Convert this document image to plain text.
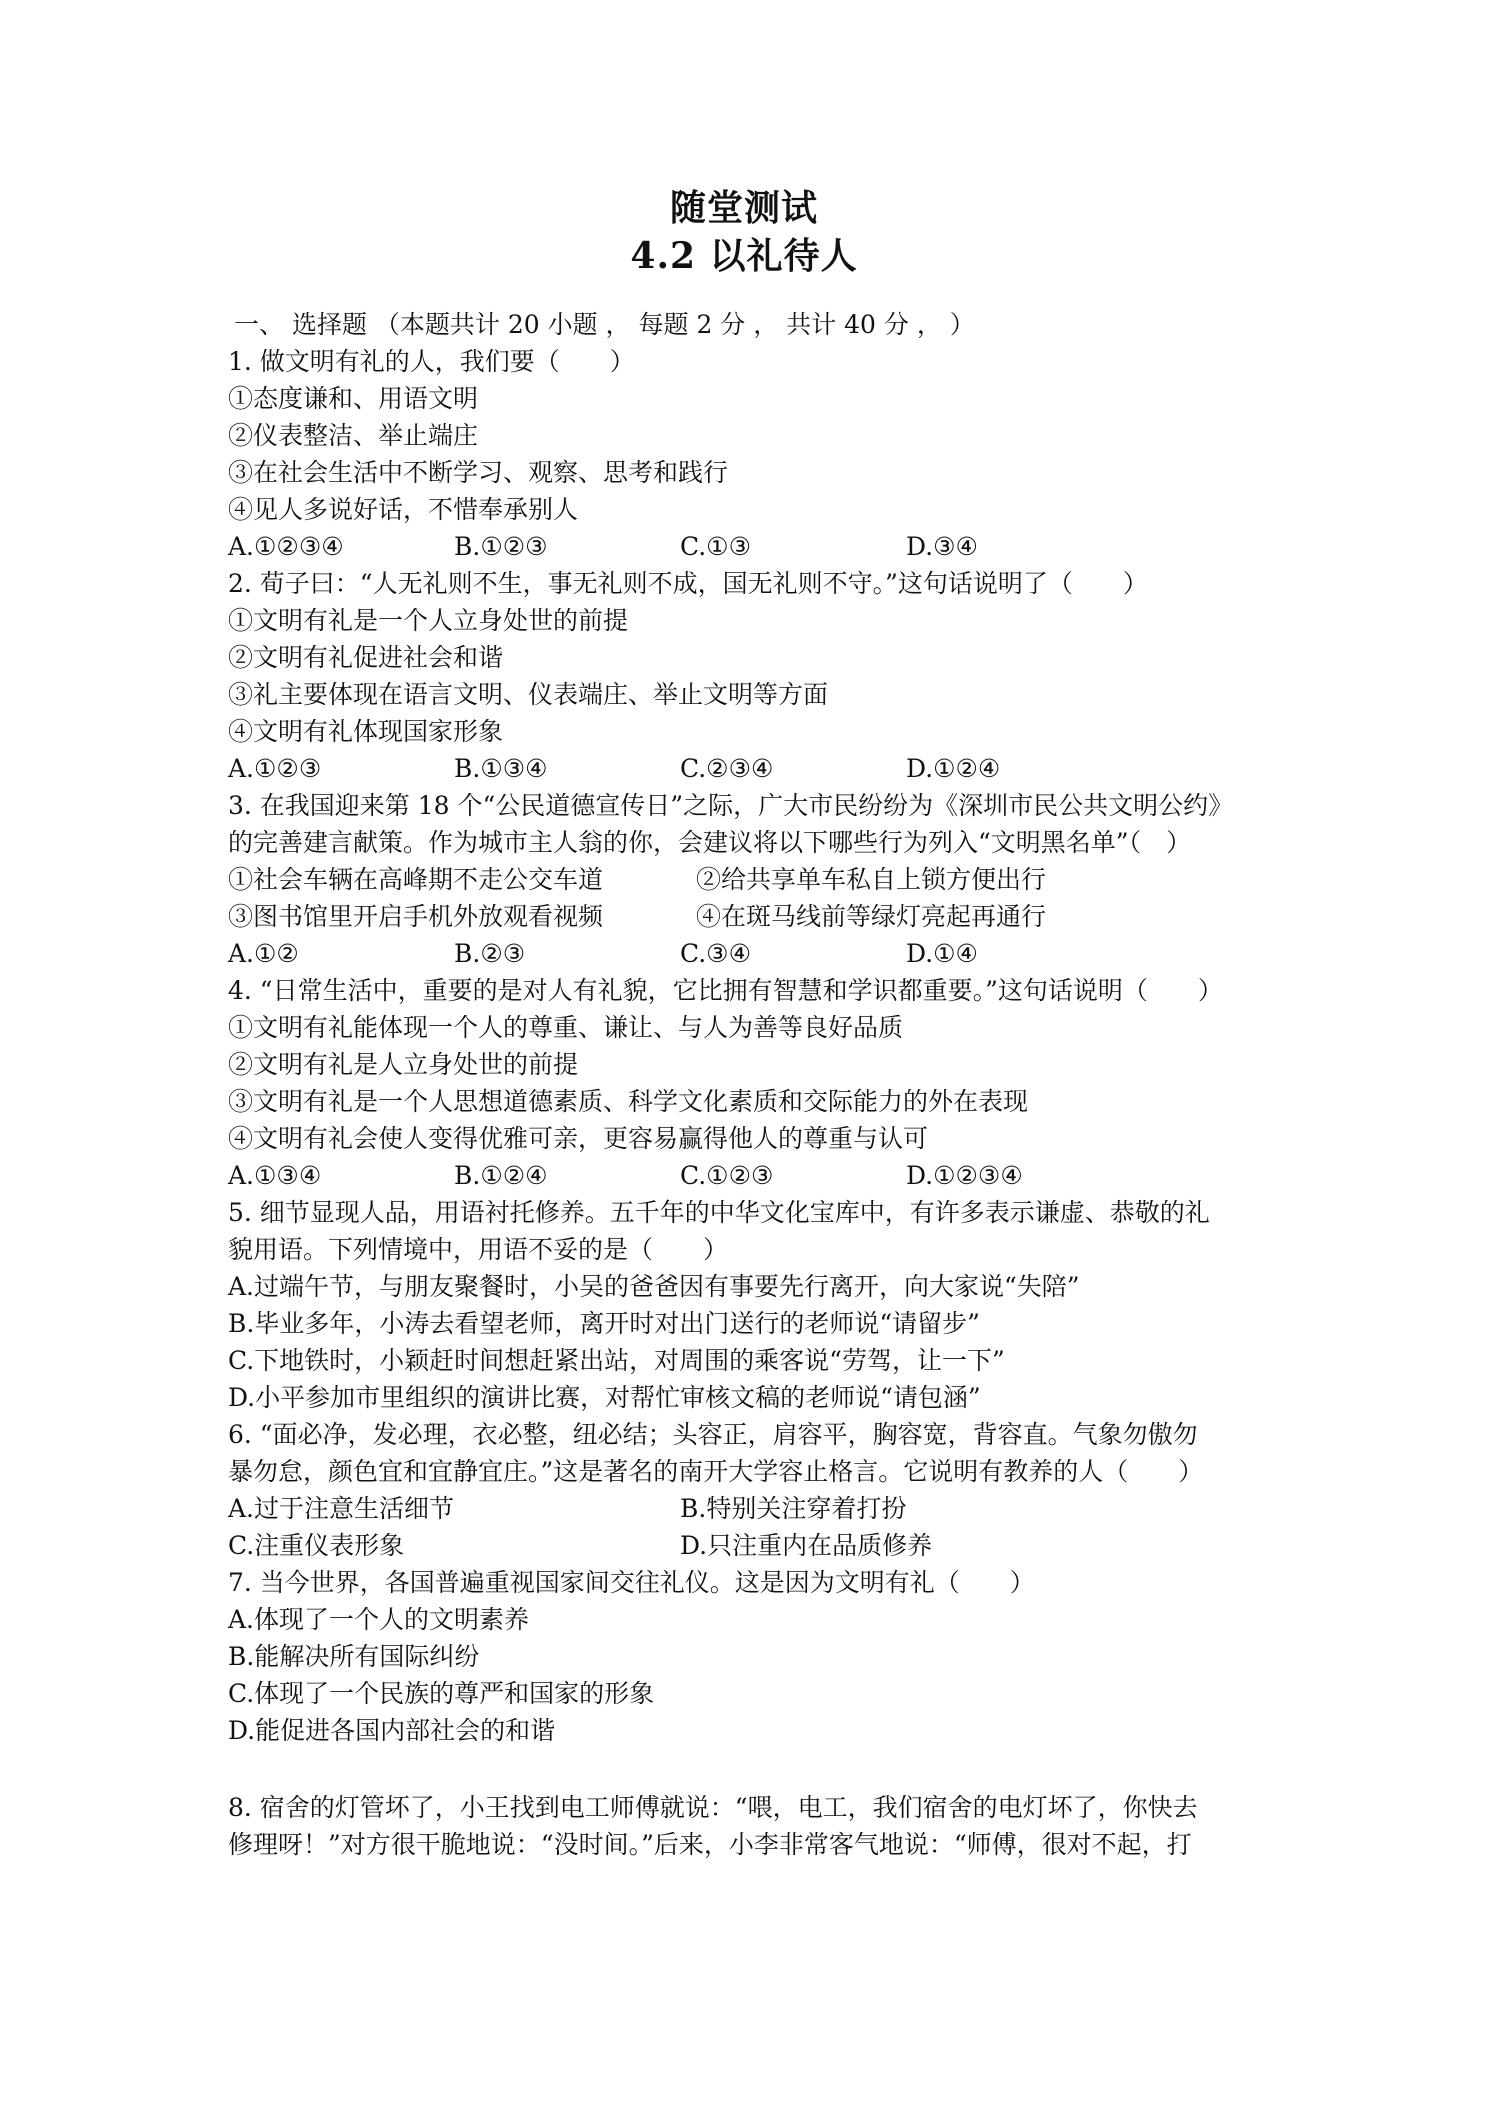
随堂测试
4.2 以礼待人
一、 选择题 （本题共计 20 小题 ， 每题 2 分 ， 共计 40 分 ， ）
1. 做文明有礼的人，我们要（　　）
①态度谦和、用语文明
②仪表整洁、举止端庄
③在社会生活中不断学习、观察、思考和践行
④见人多说好话，不惜奉承别人
A.①②③④	B.①②③	C.①③	D.③④
2. 荀子曰：“人无礼则不生，事无礼则不成，国无礼则不守。”这句话说明了（　　）
①文明有礼是一个人立身处世的前提
②文明有礼促进社会和谐
③礼主要体现在语言文明、仪表端庄、举止文明等方面
④文明有礼体现国家形象
A.①②③	B.①③④	C.②③④	D.①②④
3. 在我国迎来第 18 个“公民道德宣传日”之际，广大市民纷纷为《深圳市民公共文明公约》
的完善建言献策。作为城市主人翁的你，会建议将以下哪些行为列入“文明黑名单”（　）
①社会车辆在高峰期不走公交车道	②给共享单车私自上锁方便出行
③图书馆里开启手机外放观看视频	④在斑马线前等绿灯亮起再通行
A.①②	B.②③	C.③④	D.①④
4. “日常生活中，重要的是对人有礼貌，它比拥有智慧和学识都重要。”这句话说明（　　）
①文明有礼能体现一个人的尊重、谦让、与人为善等良好品质
②文明有礼是人立身处世的前提
③文明有礼是一个人思想道德素质、科学文化素质和交际能力的外在表现
④文明有礼会使人变得优雅可亲，更容易赢得他人的尊重与认可
A.①③④	B.①②④	C.①②③	D.①②③④
5. 细节显现人品，用语衬托修养。五千年的中华文化宝库中，有许多表示谦虚、恭敬的礼
貌用语。下列情境中，用语不妥的是（　　）
A.过端午节，与朋友聚餐时，小吴的爸爸因有事要先行离开，向大家说“失陪”
B.毕业多年，小涛去看望老师，离开时对出门送行的老师说“请留步”
C.下地铁时，小颖赶时间想赶紧出站，对周围的乘客说“劳驾，让一下”
D.小平参加市里组织的演讲比赛，对帮忙审核文稿的老师说“请包涵”
6. “面必净，发必理，衣必整，纽必结；头容正，肩容平，胸容宽，背容直。气象勿傲勿
暴勿怠，颜色宜和宜静宜庄。”这是著名的南开大学容止格言。它说明有教养的人（　　）
A.过于注意生活细节	B.特别关注穿着打扮
C.注重仪表形象	D.只注重内在品质修养
7. 当今世界，各国普遍重视国家间交往礼仪。这是因为文明有礼（　　）
A.体现了一个人的文明素养
B.能解决所有国际纠纷
C.体现了一个民族的尊严和国家的形象
D.能促进各国内部社会的和谐
8. 宿舍的灯管坏了，小王找到电工师傅就说：“喂，电工，我们宿舍的电灯坏了，你快去
修理呀！”对方很干脆地说：“没时间。”后来，小李非常客气地说：“师傅，很对不起，打
